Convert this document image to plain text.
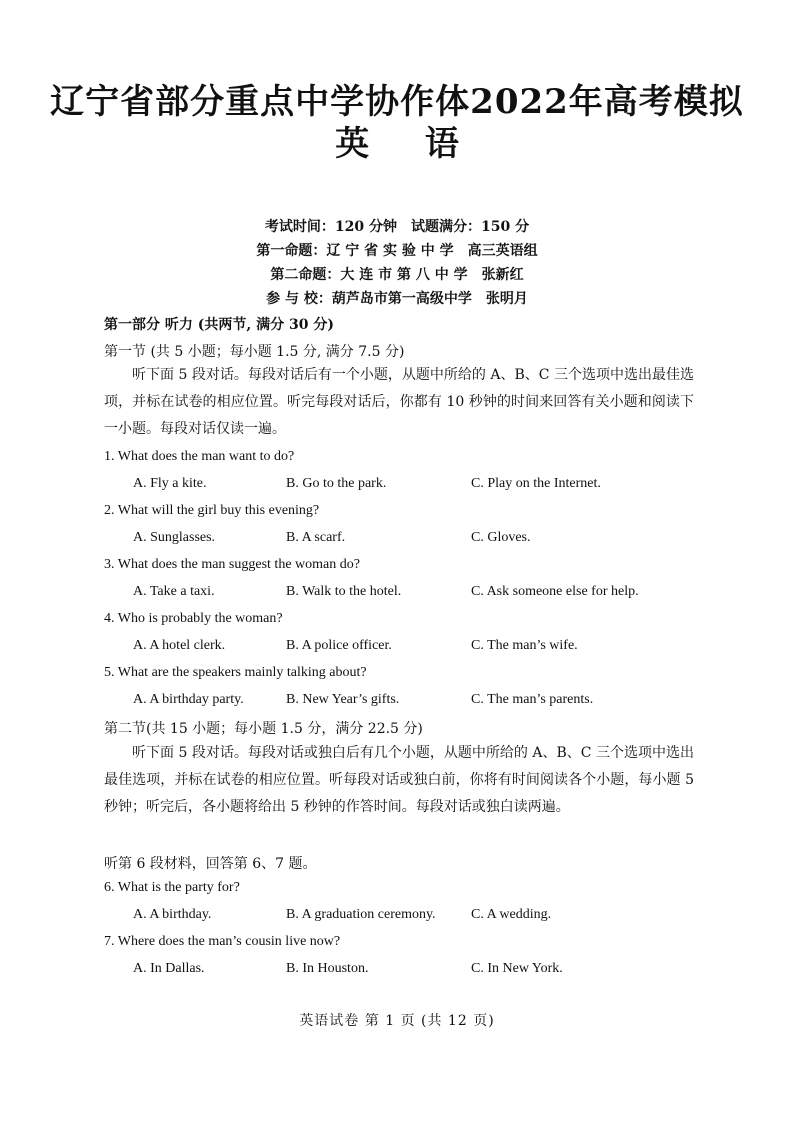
辽宁省部分重点中学协作体2022年高考模拟
英 语
考试时间：120 分钟　试题满分：150 分
第一命题：辽 宁 省 实 验 中 学　高三英语组
第二命题：大 连 市 第 八 中 学　张新红
参 与 校：葫芦岛市第一高级中学　张明月
第一部分 听力 (共两节, 满分 30 分)
第一节 (共 5 小题；每小题 1.5 分, 满分 7.5 分)
听下面 5 段对话。每段对话后有一个小题，从题中所给的 A、B、C 三个选项中选出最佳选项，并标在试卷的相应位置。听完每段对话后，你都有 10 秒钟的时间来回答有关小题和阅读下一小题。每段对话仅读一遍。
1. What does the man want to do?
A. Fly a kite.	B. Go to the park.	C. Play on the Internet.
2. What will the girl buy this evening?
A. Sunglasses.	B. A scarf.	C. Gloves.
3. What does the man suggest the woman do?
A. Take a taxi.	B. Walk to the hotel.	C. Ask someone else for help.
4. Who is probably the woman?
A. A hotel clerk.	B. A police officer.	C. The man’s wife.
5. What are the speakers mainly talking about?
A. A birthday party.	B. New Year’s gifts.	C. The man’s parents.
第二节(共 15 小题；每小题 1.5 分，满分 22.5 分)
听下面 5 段对话。每段对话或独白后有几个小题，从题中所给的 A、B、C 三个选项中选出最佳选项，并标在试卷的相应位置。听每段对话或独白前，你将有时间阅读各个小题，每小题 5 秒钟；听完后，各小题将给出 5 秒钟的作答时间。每段对话或独白读两遍。
听第 6 段材料，回答第 6、7 题。
6. What is the party for?
A. A birthday.	B. A graduation ceremony.	C. A wedding.
7. Where does the man’s cousin live now?
A. In Dallas.	B. In Houston.	C. In New York.
英语试卷 第 1 页 (共 12 页)
